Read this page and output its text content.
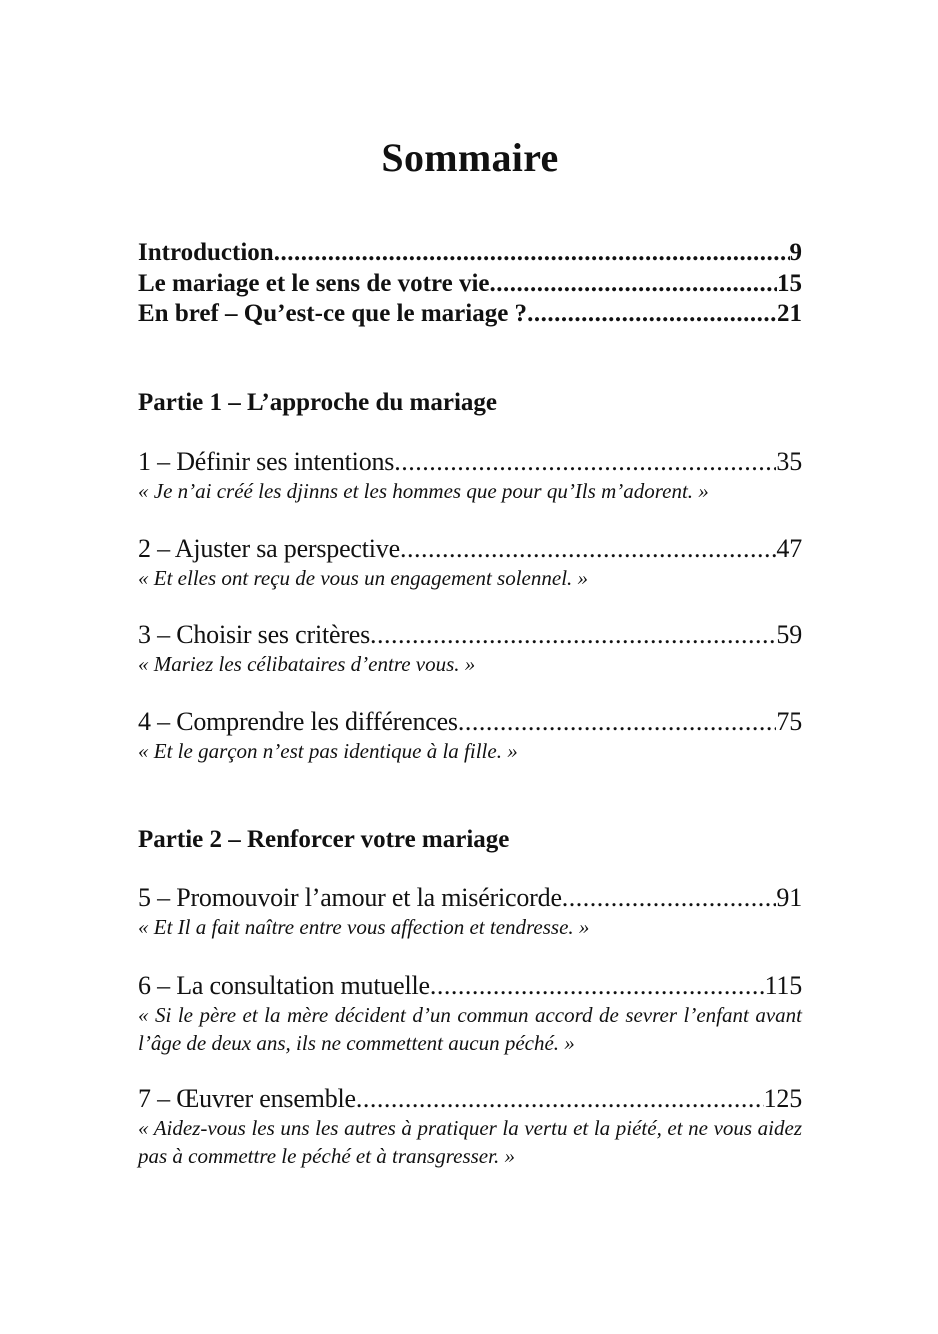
Sommaire
Introduction .....	9
Le mariage et le sens de votre vie .....	15
En bref – Qu’est-ce que le mariage ? .....	21
Partie 1 – L’approche du mariage
1 – Définir ses intentions .....	35

« Je n’ai créé les djinns et les hommes que pour qu’Ils m’adorent. »

2 – Ajuster sa perspective .....	47

« Et elles ont reçu de vous un engagement solennel. »

3 – Choisir ses critères .....	59

« Mariez les célibataires d’entre vous. »

4 – Comprendre les différences .....	75

« Et le garçon n’est pas identique à la fille. »

Partie 2 – Renforcer votre mariage
5 – Promouvoir l’amour et la miséricorde .....	91

« Et Il a fait naître entre vous affection et tendresse. »

6 – La consultation mutuelle .....	115

« Si le père et la mère décident d’un commun accord de sevrer l’enfant avant l’âge de deux ans, ils ne commettent aucun péché. »

7 – Œuvrer ensemble .....	125

« Aidez-vous les uns les autres à pratiquer la vertu et la piété, et ne vous aidez pas à commettre le péché et à transgresser. »
